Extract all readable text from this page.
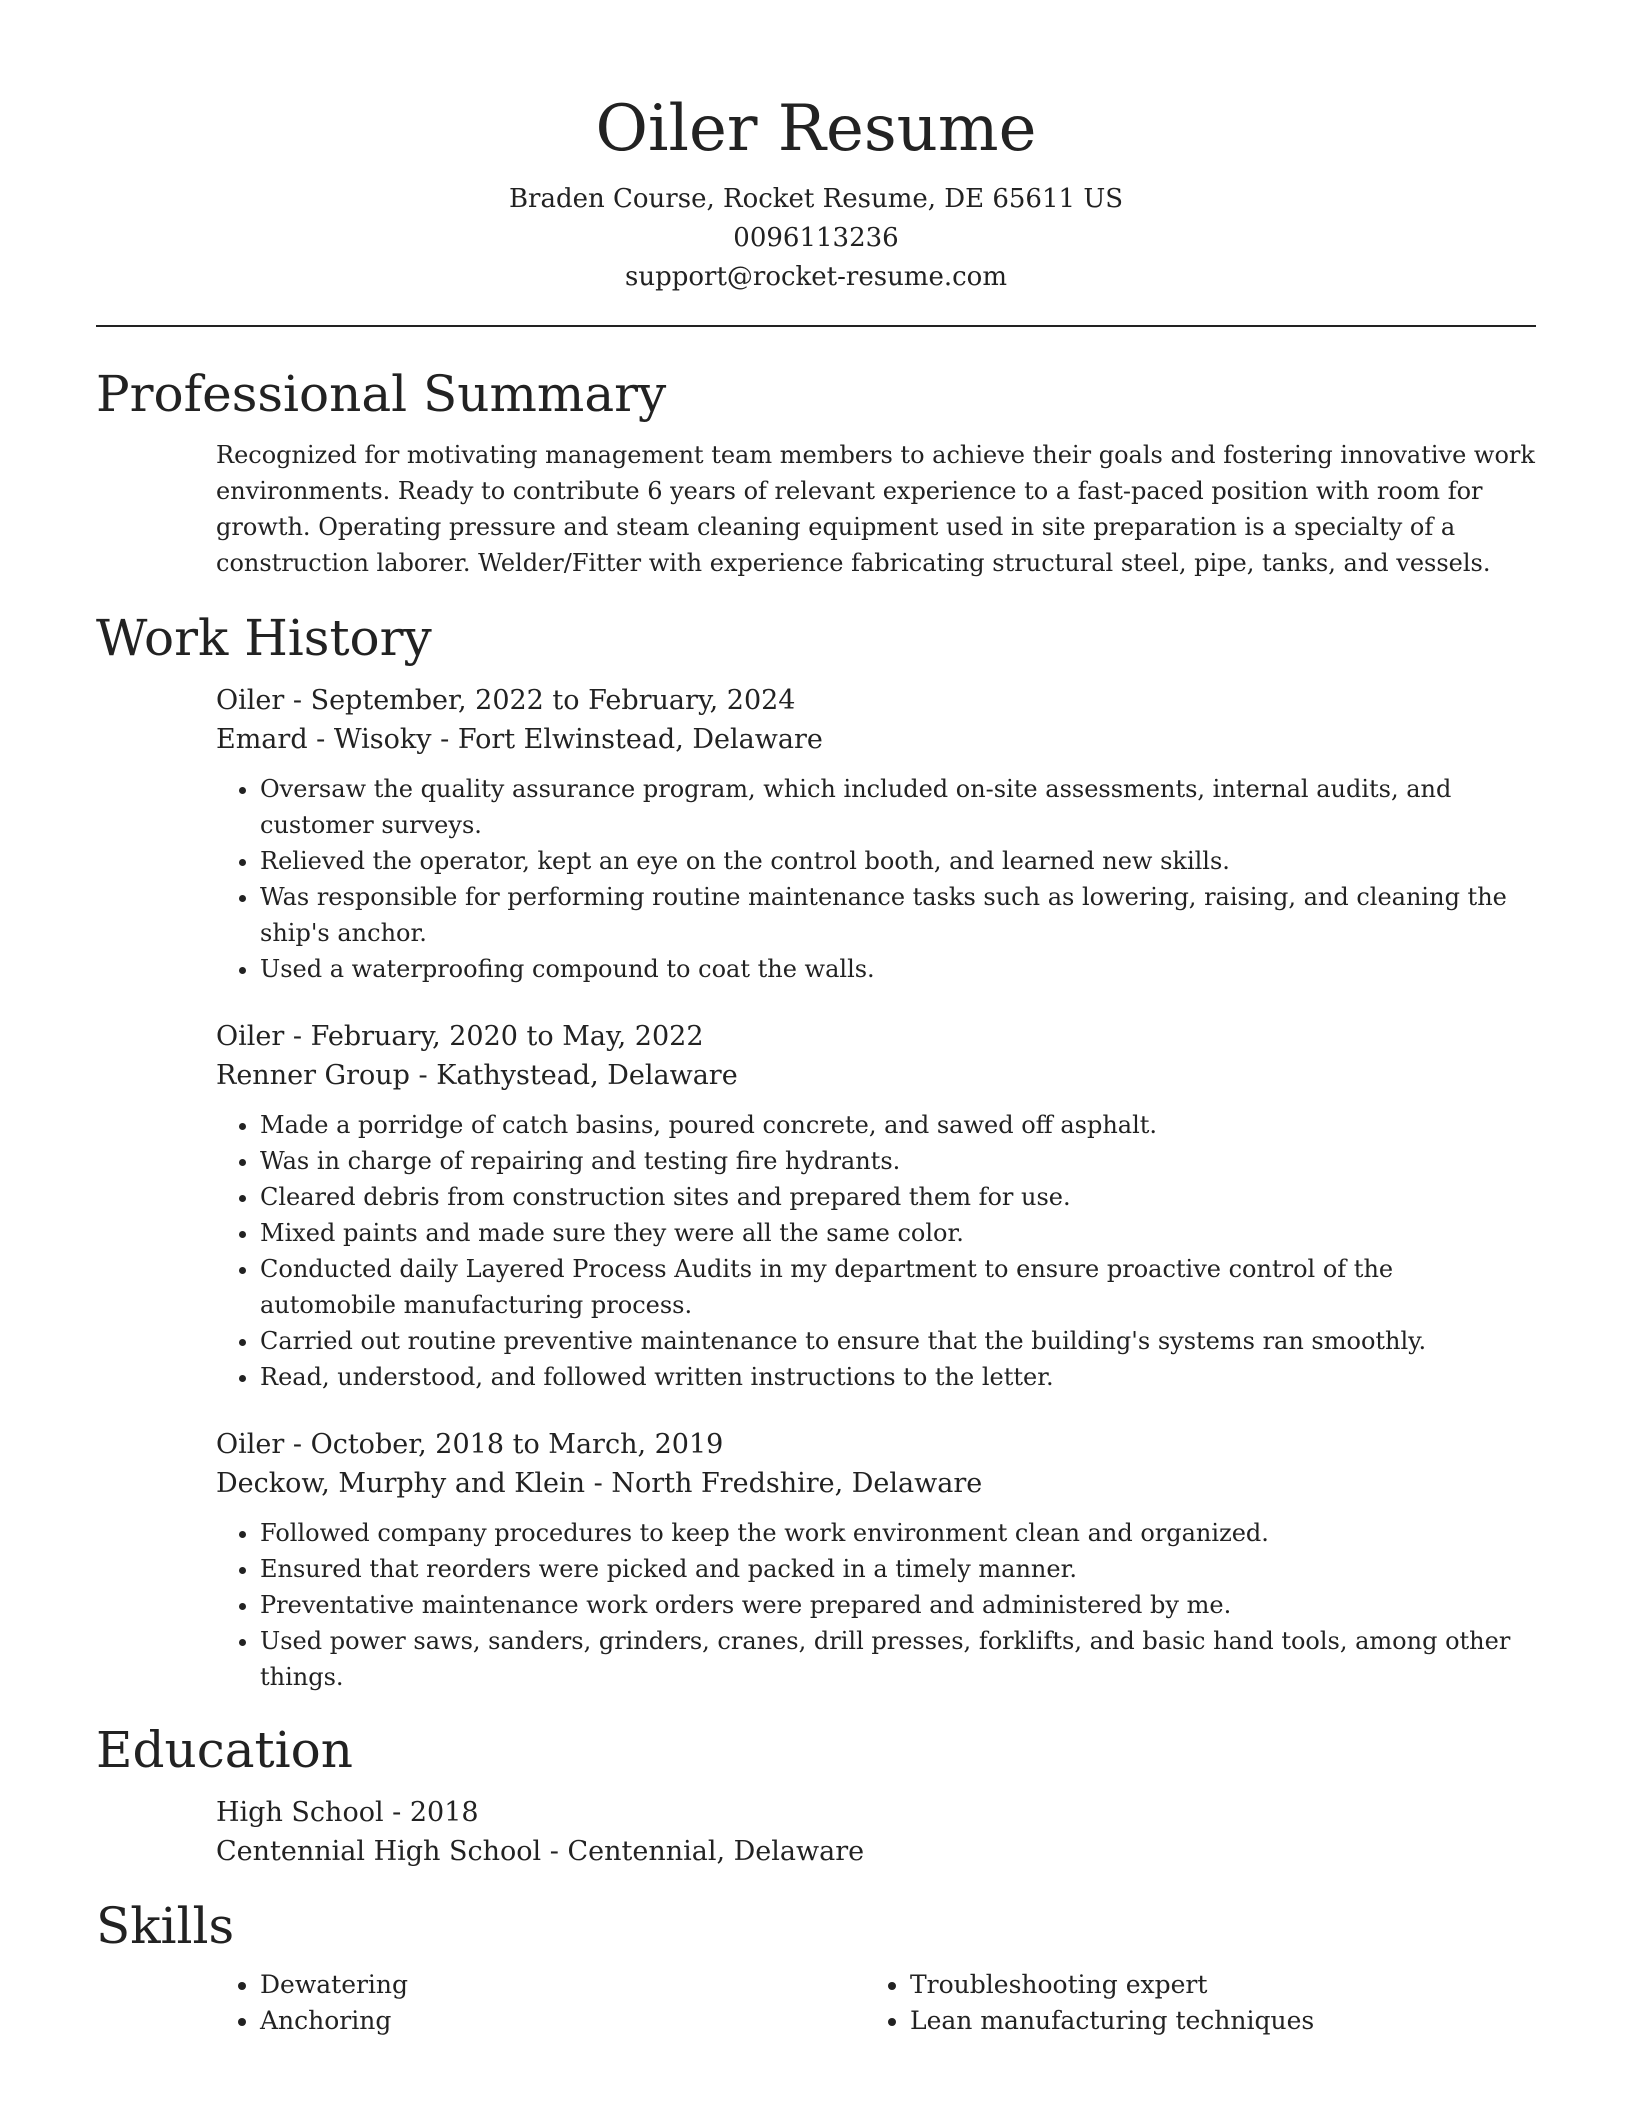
Oiler Resume
Braden Course, Rocket Resume, DE 65611 US
0096113236
support@rocket-resume.com
Professional Summary

Recognized for motivating management team members to achieve their goals and fostering innovative work environments. Ready to contribute 6 years of relevant experience to a fast-paced position with room for growth. Operating pressure and steam cleaning equipment used in site preparation is a specialty of a construction laborer. Welder/Fitter with experience fabricating structural steel, pipe, tanks, and vessels.

Work History
Oiler - September, 2022 to February, 2024
Emard - Wisoky - Fort Elwinstead, Delaware
• Oversaw the quality assurance program, which included on-site assessments, internal audits, and customer surveys.
• Relieved the operator, kept an eye on the control booth, and learned new skills.
• Was responsible for performing routine maintenance tasks such as lowering, raising, and cleaning the ship's anchor.
• Used a waterproofing compound to coat the walls.
Oiler - February, 2020 to May, 2022
Renner Group - Kathystead, Delaware
• Made a porridge of catch basins, poured concrete, and sawed off asphalt.
• Was in charge of repairing and testing fire hydrants.
• Cleared debris from construction sites and prepared them for use.
• Mixed paints and made sure they were all the same color.
• Conducted daily Layered Process Audits in my department to ensure proactive control of the automobile manufacturing process.
• Carried out routine preventive maintenance to ensure that the building's systems ran smoothly.
• Read, understood, and followed written instructions to the letter.
Oiler - October, 2018 to March, 2019
Deckow, Murphy and Klein - North Fredshire, Delaware
• Followed company procedures to keep the work environment clean and organized.
• Ensured that reorders were picked and packed in a timely manner.
• Preventative maintenance work orders were prepared and administered by me.
• Used power saws, sanders, grinders, cranes, drill presses, forklifts, and basic hand tools, among other things.
Education
High School - 2018
Centennial High School - Centennial, Delaware
Skills
• Dewatering
• Anchoring
• Troubleshooting expert
• Lean manufacturing techniques
